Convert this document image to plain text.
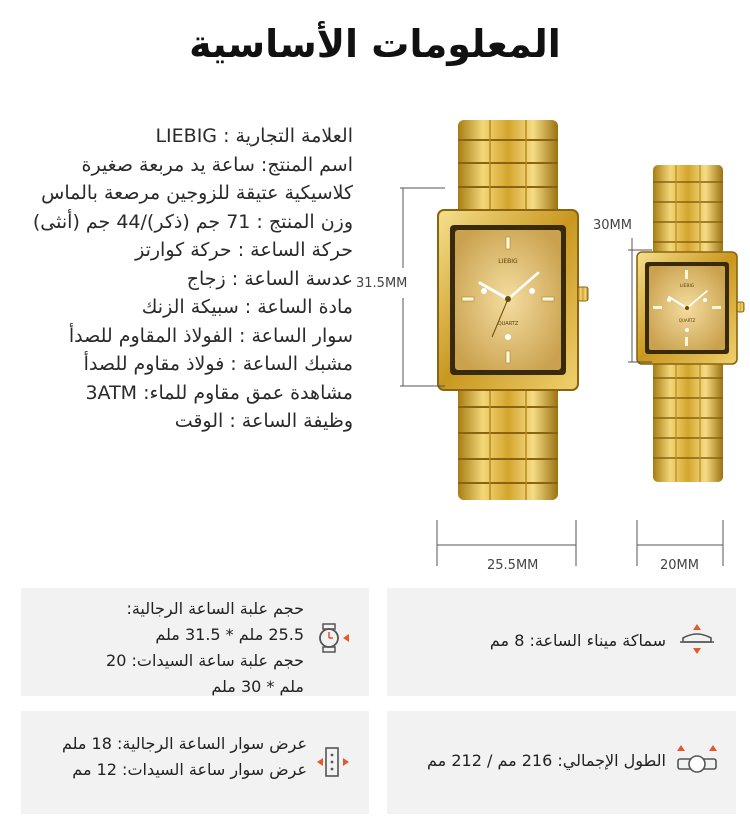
المعلومات الأساسية
العلامة التجارية : LIEBIG
اسم المنتج: ساعة يد مربعة صغيرة كلاسيكية عتيقة للزوجين مرصعة بالماس
وزن المنتج : 71 جم (ذكر)/44 جم (أنثى)
حركة الساعة : حركة كوارتز
عدسة الساعة : زجاج
مادة الساعة : سبيكة الزنك
سوار الساعة : الفولاذ المقاوم للصدأ
مشبك الساعة : فولاذ مقاوم للصدأ
مشاهدة عمق مقاوم للماء: 3ATM
وظيفة الساعة : الوقت
LIEBIG
QUARTZ
LIEBIG
QUARTZ
31.5MM
30MM
25.5MM	20MM
حجم علبة الساعة الرجالية:
25.5 ملم * 31.5 ملم
حجم علبة ساعة السيدات: 20
ملم * 30 ملم
سماكة ميناء الساعة: 8 مم
عرض سوار الساعة الرجالية: 18 ملم
عرض سوار ساعة السيدات: 12 مم	الطول الإجمالي: 216 مم / 212 مم
